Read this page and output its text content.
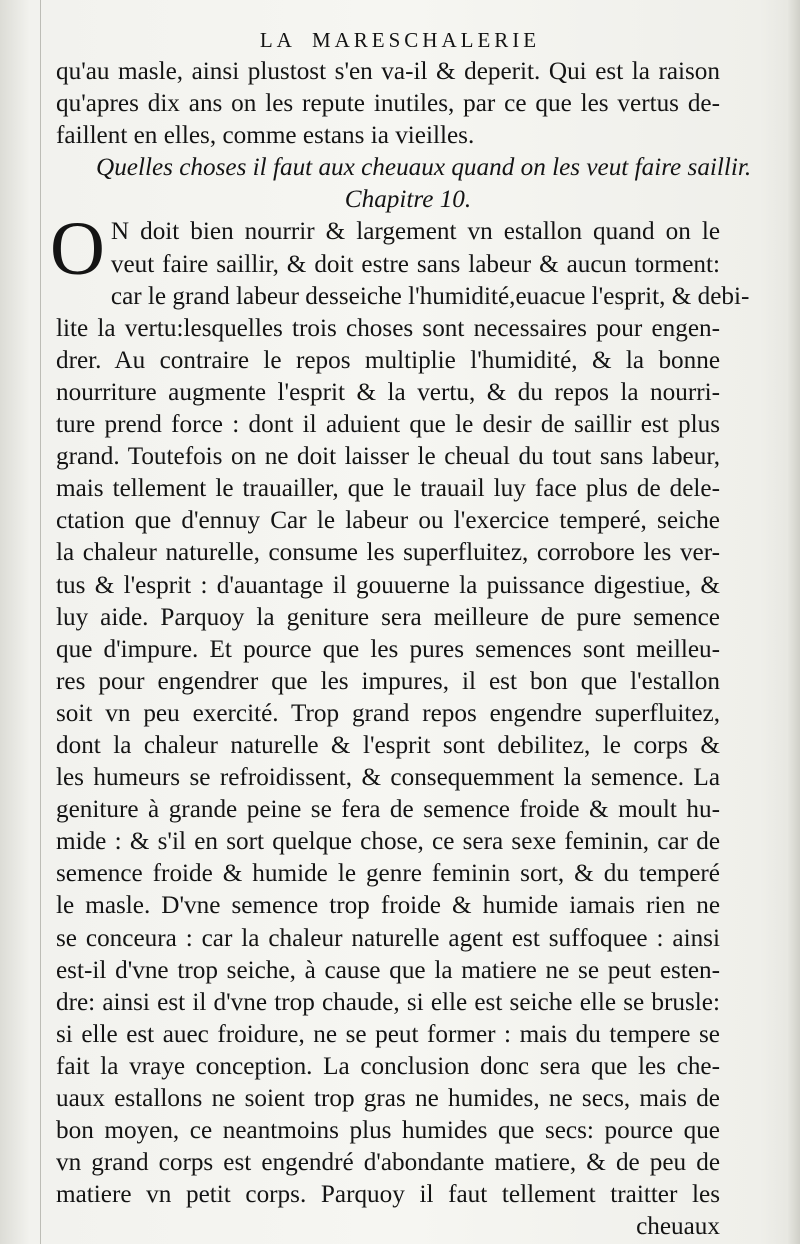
LA MARESCHALERIE
qu'au masle, ainsi plustost s'en va-il & deperit. Qui est la raison
qu'apres dix ans on les repute inutiles, par ce que les vertus de-
faillent en elles, comme estans ia vieilles.
Quelles choses il faut aux cheuaux quand on les veut faire saillir.
Chapitre 10.
O N doit bien nourrir & largement vn estallon quand on le
veut faire saillir, & doit estre sans labeur & aucun torment:
car le grand labeur desseiche l'humidité,euacue l'esprit, & debi-
lite la vertu:lesquelles trois choses sont necessaires pour engen-
drer. Au contraire le repos multiplie l'humidité, & la bonne
nourriture augmente l'esprit & la vertu, & du repos la nourri-
ture prend force : dont il aduient que le desir de saillir est plus
grand. Toutefois on ne doit laisser le cheual du tout sans labeur,
mais tellement le trauailler, que le trauail luy face plus de dele-
ctation que d'ennuy Car le labeur ou l'exercice temperé, seiche
la chaleur naturelle, consume les superfluitez, corrobore les ver-
tus & l'esprit : d'auantage il gouuerne la puissance digestiue, &
luy aide. Parquoy la geniture sera meilleure de pure semence
que d'impure. Et pource que les pures semences sont meilleu-
res pour engendrer que les impures, il est bon que l'estallon
soit vn peu exercité. Trop grand repos engendre superfluitez,
dont la chaleur naturelle & l'esprit sont debilitez, le corps &
les humeurs se refroidissent, & consequemment la semence. La
geniture à grande peine se fera de semence froide & moult hu-
mide : & s'il en sort quelque chose, ce sera sexe feminin, car de
semence froide & humide le genre feminin sort, & du temperé
le masle. D'vne semence trop froide & humide iamais rien ne
se conceura : car la chaleur naturelle agent est suffoquee : ainsi
est-il d'vne trop seiche, à cause que la matiere ne se peut esten-
dre: ainsi est il d'vne trop chaude, si elle est seiche elle se brusle:
si elle est auec froidure, ne se peut former : mais du tempere se
fait la vraye conception. La conclusion donc sera que les che-
uaux estallons ne soient trop gras ne humides, ne secs, mais de
bon moyen, ce neantmoins plus humides que secs: pource que
vn grand corps est engendré d'abondante matiere, & de peu de
matiere vn petit corps. Parquoy il faut tellement traitter les
cheuaux
